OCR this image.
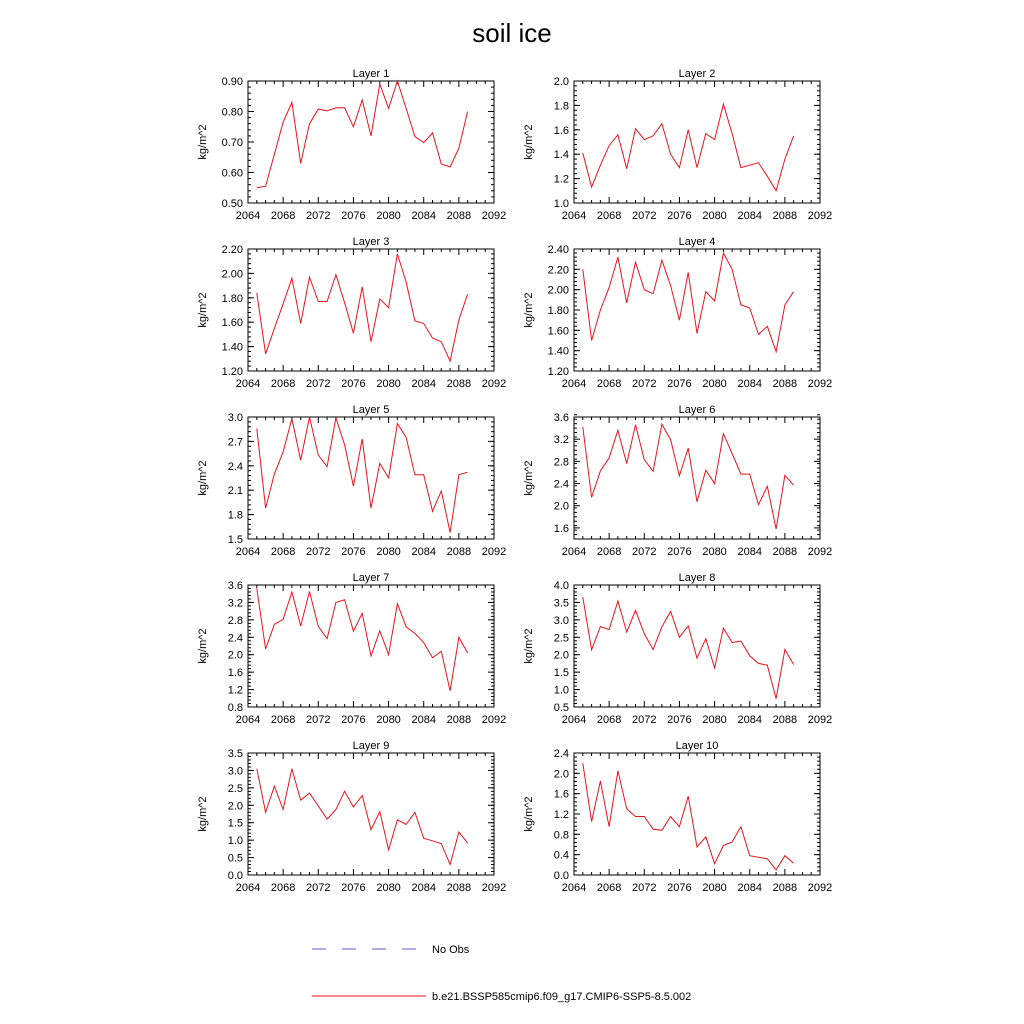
soil ice
Layer 1
2064 2068 2072 2076 2080 2084 2088 2092
0.50
0.60
0.70
0.80
0.90
kg/m^2
Layer 2
2064 2068 2072 2076 2080 2084 2088 2092
1.0
1.2
1.4
1.6
1.8
2.0
kg/m^2
Layer 3
2064 2068 2072 2076 2080 2084 2088 2092
1.20
1.40
1.60
1.80
2.00
2.20
kg/m^2
Layer 4
2064 2068 2072 2076 2080 2084 2088 2092
1.20
1.40
1.60
1.80
2.00
2.20
2.40
kg/m^2
Layer 5
2064 2068 2072 2076 2080 2084 2088 2092
1.5
1.8
2.1
2.4
2.7
3.0
kg/m^2
Layer 6
2064 2068 2072 2076 2080 2084 2088 2092
1.6
2.0
2.4
2.8
3.2
3.6
kg/m^2
Layer 7
2064 2068 2072 2076 2080 2084 2088 2092
0.8
1.2
1.6
2.0
2.4
2.8
3.2
3.6
kg/m^2
Layer 8
2064 2068 2072 2076 2080 2084 2088 2092
0.5
1.0
1.5
2.0
2.5
3.0
3.5
4.0
kg/m^2
Layer 9
2064 2068 2072 2076 2080 2084 2088 2092
0.0
0.5
1.0
1.5
2.0
2.5
3.0
3.5
kg/m^2
Layer 10
2064 2068 2072 2076 2080 2084 2088 2092
0.0
0.4
0.8
1.2
1.6
2.0
2.4
kg/m^2
No Obs
b.e21.BSSP585cmip6.f09_g17.CMIP6-SSP5-8.5.002
